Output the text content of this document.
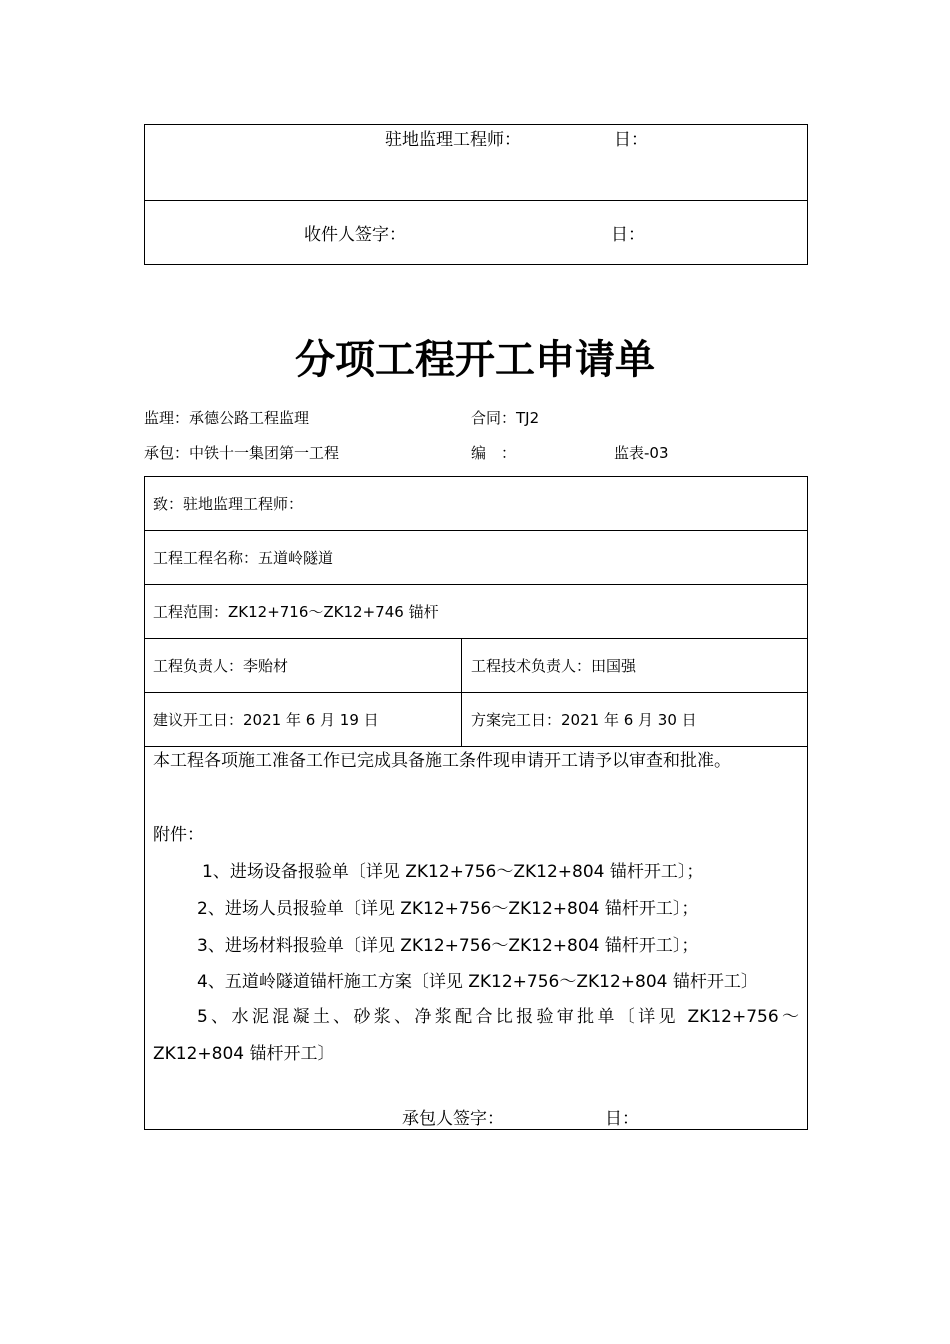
驻地监理工程师：	日：
收件人签字：	日：
分项工程开工申请单
监理：承德公路工程监理	合同：TJ2
承包：中铁十一集团第一工程	编　：	监表-03
致：驻地监理工程师：
工程工程名称：五道岭隧道
工程范围：ZK12+716～ZK12+746 锚杆
工程负责人：李贻材	工程技术负责人：田国强
建议开工日：2021 年 6 月 19 日	方案完工日：2021 年 6 月 30 日
本工程各项施工准备工作已完成具备施工条件现申请开工请予以审查和批准。
附件：
1、进场设备报验单〔详见 ZK12+756～ZK12+804 锚杆开工〕；
2、进场人员报验单〔详见 ZK12+756～ZK12+804 锚杆开工〕；
3、进场材料报验单〔详见 ZK12+756～ZK12+804 锚杆开工〕；
4、五道岭隧道锚杆施工方案〔详见 ZK12+756～ZK12+804 锚杆开工〕
5、水泥混凝土、砂浆、净浆配合比报验审批单〔详见 ZK12+756～ZK12+804 锚杆开工〕
承包人签字：	日：
